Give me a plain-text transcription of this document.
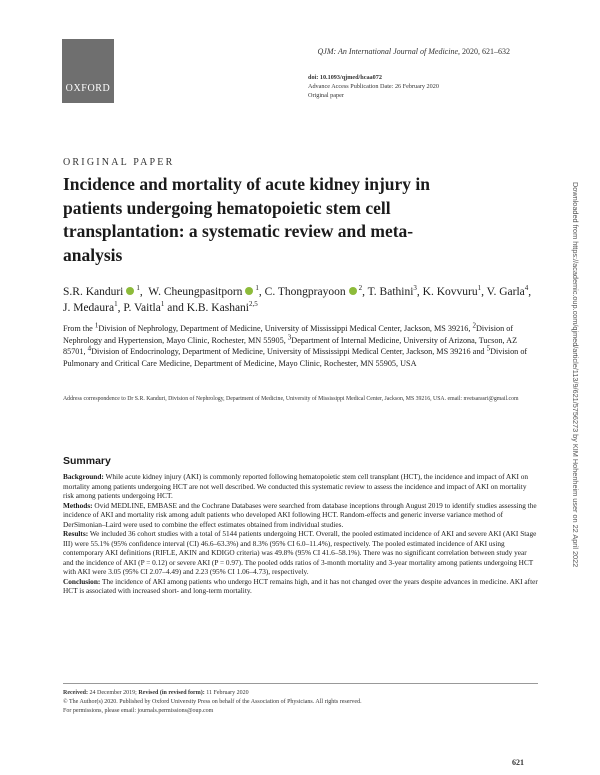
OXFORD
QJM: An International Journal of Medicine, 2020, 621–632
doi: 10.1093/qjmed/hcaa072
Advance Access Publication Date: 26 February 2020
Original paper
ORIGINAL PAPER
Incidence and mortality of acute kidney injury in patients undergoing hematopoietic stem cell transplantation: a systematic review and meta-analysis
S.R. Kanduri $^1$,  W. Cheungpasitporn $^1$, C. Thongprayoon $^2$, T. Bathini$^3$, K. Kovvuru$^1$, V. Garla$^4$, J. Medaura$^1$, P. Vaitla$^1$ and K.B. Kashani$^{2,5}$
From the $^1$Division of Nephrology, Department of Medicine, University of Mississippi Medical Center, Jackson, MS 39216, $^2$Division of Nephrology and Hypertension, Mayo Clinic, Rochester, MN 55905, $^3$Department of Internal Medicine, University of Arizona, Tucson, AZ 85701, $^4$Division of Endocrinology, Department of Medicine, University of Mississippi Medical Center, Jackson, MS 39216 and $^5$Division of Pulmonary and Critical Care Medicine, Department of Medicine, Mayo Clinic, Rochester, MN 55905, USA
Address correspondence to Dr S.R. Kanduri, Division of Nephrology, Department of Medicine, University of Mississippi Medical Center, Jackson, MS 39216, USA. email: nvetsarasri@gmail.com
Summary

Background: While acute kidney injury (AKI) is commonly reported following hematopoietic stem cell transplant (HCT), the incidence and impact of AKI on mortality among patients undergoing HCT are not well described. We conducted this systematic review to assess the incidence and impact of AKI on mortality risk among patients undergoing HCT.

Methods: Ovid MEDLINE, EMBASE and the Cochrane Databases were searched from database inceptions through August 2019 to identify studies assessing the incidence of AKI and mortality risk among adult patients who developed AKI following HCT. Random-effects and generic inverse variance method of DerSimonian–Laird were used to combine the effect estimates obtained from individual studies.

Results: We included 36 cohort studies with a total of 5144 patients undergoing HCT. Overall, the pooled estimated incidence of AKI and severe AKI (AKI Stage III) were 55.1% (95% confidence interval (CI) 46.6–63.3%) and 8.3% (95% CI 6.0–11.4%), respectively. The pooled estimated incidence of AKI using contemporary AKI definitions (RIFLE, AKIN and KDIGO criteria) was 49.8% (95% CI 41.6–58.1%). There was no significant correlation between study year and the incidence of AKI (P = 0.12) or severe AKI (P = 0.97). The pooled odds ratios of 3-month mortality and 3-year mortality among patients undergoing HCT with AKI were 3.05 (95% CI 2.07–4.49) and 2.23 (95% CI 1.06–4.73), respectively.

Conclusion: The incidence of AKI among patients who undergo HCT remains high, and it has not changed over the years despite advances in medicine. AKI after HCT is associated with increased short- and long-term mortality.

Received: 24 December 2019; Revised (in revised form): 11 February 2020
© The Author(s) 2020. Published by Oxford University Press on behalf of the Association of Physicians. All rights reserved.
For permissions, please email: journals.permissions@oup.com
621
Downloaded from https://academic.oup.com/qjmed/article/113/9/621/5756273 by KIM Hohenheim user on 22 April 2022
